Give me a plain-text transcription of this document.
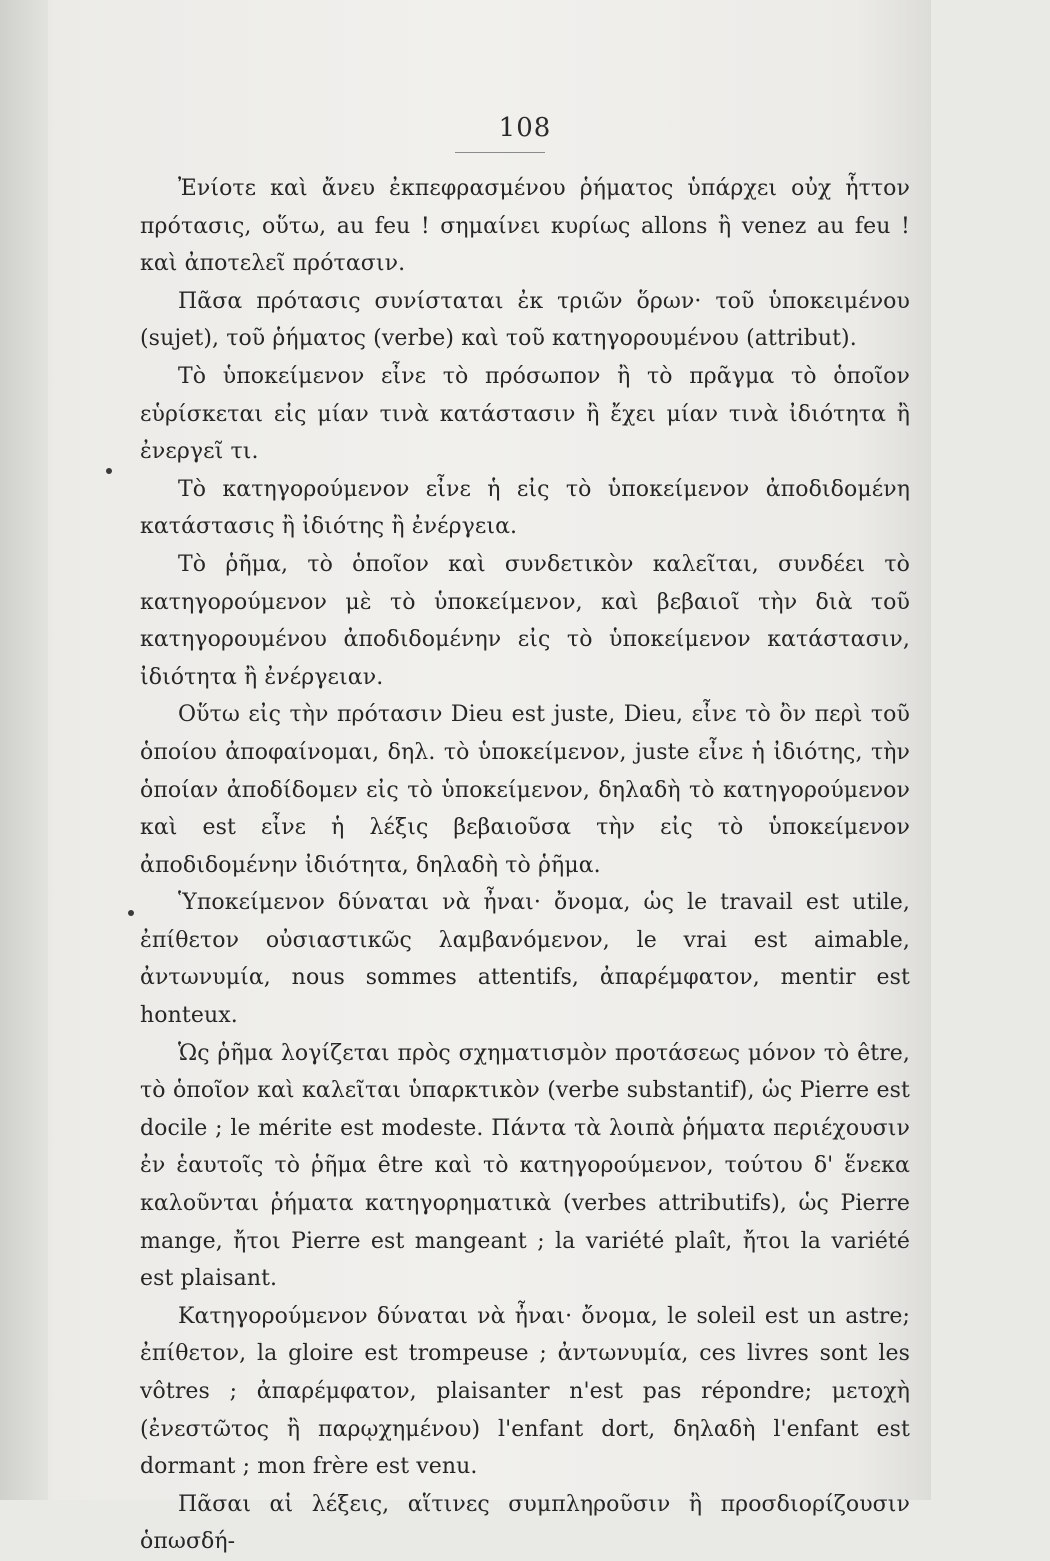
108

Ἐνίοτε καὶ ἄνευ ἐκπεφρασμένου ῥήματος ὑπάρχει οὐχ ἧττον πρότασις, οὕτω, au feu ! σημαίνει κυρίως allons ἢ venez au feu ! καὶ ἀποτελεῖ πρότασιν.

Πᾶσα πρότασις συνίσταται ἐκ τριῶν ὅρων· τοῦ ὑποκειμένου (sujet), τοῦ ῥήματος (verbe) καὶ τοῦ κατηγορουμένου (attribut).

Τὸ ὑποκείμενον εἶνε τὸ πρόσωπον ἢ τὸ πρᾶγμα τὸ ὁποῖον εὑρίσκεται εἰς μίαν τινὰ κατάστασιν ἢ ἔχει μίαν τινὰ ἰδιότητα ἢ ἐνεργεῖ τι.

Τὸ κατηγορούμενον εἶνε ἡ εἰς τὸ ὑποκείμενον ἀποδιδομένη κατάστασις ἢ ἰδιότης ἢ ἐνέργεια.

Τὸ ῥῆμα, τὸ ὁποῖον καὶ συνδετικὸν καλεῖται, συνδέει τὸ κατηγορούμενον μὲ τὸ ὑποκείμενον, καὶ βεβαιοῖ τὴν διὰ τοῦ κατηγορουμένου ἀποδιδομένην εἰς τὸ ὑποκείμενον κατάστασιν, ἰδιότητα ἢ ἐνέργειαν.

Οὕτω εἰς τὴν πρότασιν Dieu est juste, Dieu, εἶνε τὸ ὂν περὶ τοῦ ὁποίου ἀποφαίνομαι, δηλ. τὸ ὑποκείμενον, juste εἶνε ἡ ἰδιότης, τὴν ὁποίαν ἀποδίδομεν εἰς τὸ ὑποκείμενον, δηλαδὴ τὸ κατηγορούμενον καὶ est εἶνε ἡ λέξις βεβαιοῦσα τὴν εἰς τὸ ὑποκείμενον ἀποδιδομένην ἰδιότητα, δηλαδὴ τὸ ῥῆμα.

Ὑποκείμενον δύναται νὰ ἦναι· ὄνομα, ὡς le travail est utile, ἐπίθετον οὐσιαστικῶς λαμβανόμενον, le vrai est aimable, ἀντωνυμία, nous sommes attentifs, ἀπαρέμφατον, mentir est honteux.

Ὡς ῥῆμα λογίζεται πρὸς σχηματισμὸν προτάσεως μόνον τὸ être, τὸ ὁποῖον καὶ καλεῖται ὑπαρκτικὸν (verbe substantif), ὡς Pierre est docile ; le mérite est modeste. Πάντα τὰ λοιπὰ ῥήματα περιέχουσιν ἐν ἑαυτοῖς τὸ ῥῆμα être καὶ τὸ κατηγορούμενον, τούτου δ' ἕνεκα καλοῦνται ῥήματα κατηγορηματικὰ (verbes attributifs), ὡς Pierre mange, ἤτοι Pierre est mangeant ; la variété plaît, ἤτοι la variété est plaisant.

Κατηγορούμενον δύναται νὰ ἦναι· ὄνομα, le soleil est un astre; ἐπίθετον, la gloire est trompeuse ; ἀντωνυμία, ces livres sont les vôtres ; ἀπαρέμφατον, plaisanter n'est pas répondre; μετοχὴ (ἐνεστῶτος ἢ παρῳχημένου) l'enfant dort, δηλαδὴ l'enfant est dormant ; mon frère est venu.

Πᾶσαι αἱ λέξεις, αἵτινες συμπληροῦσιν ἢ προσδιορίζουσιν ὁπωσδή-
